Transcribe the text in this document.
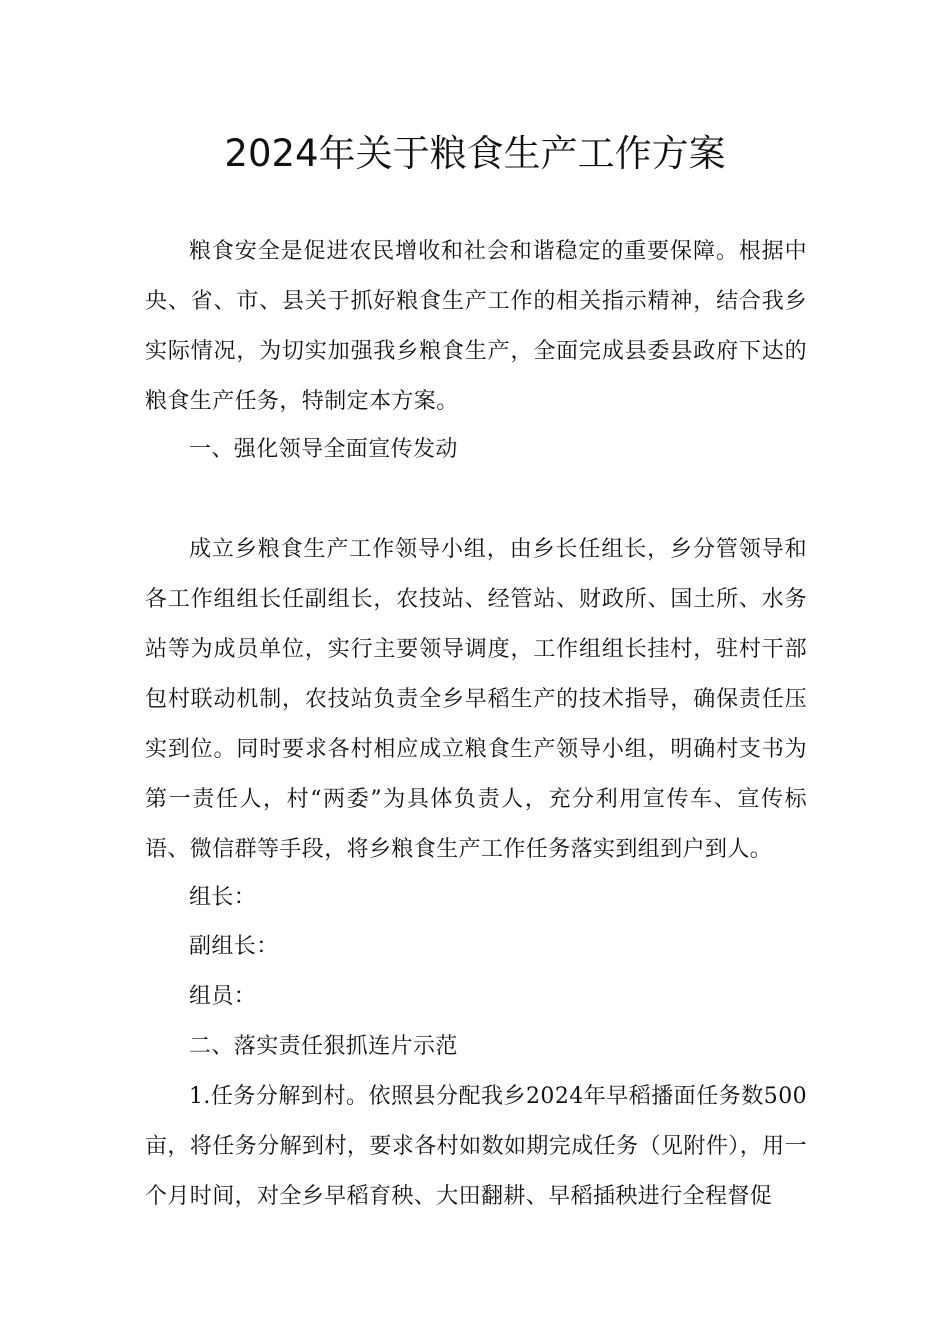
2024年关于粮食生产工作方案

粮食安全是促进农民增收和社会和谐稳定的重要保障。根据中央、省、市、县关于抓好粮食生产工作的相关指示精神，结合我乡实际情况，为切实加强我乡粮食生产，全面完成县委县政府下达的粮食生产任务，特制定本方案。

一、强化领导全面宣传发动

成立乡粮食生产工作领导小组，由乡长任组长，乡分管领导和各工作组组长任副组长，农技站、经管站、财政所、国土所、水务站等为成员单位，实行主要领导调度，工作组组长挂村，驻村干部包村联动机制，农技站负责全乡早稻生产的技术指导，确保责任压实到位。同时要求各村相应成立粮食生产领导小组，明确村支书为第一责任人，村“两委”为具体负责人，充分利用宣传车、宣传标语、微信群等手段，将乡粮食生产工作任务落实到组到户到人。

组长：

副组长：

组员：

二、落实责任狠抓连片示范

1.任务分解到村。依照县分配我乡2024年早稻播面任务数500亩，将任务分解到村，要求各村如数如期完成任务（见附件），用一个月时间，对全乡早稻育秧、大田翻耕、早稻插秧进行全程督促
